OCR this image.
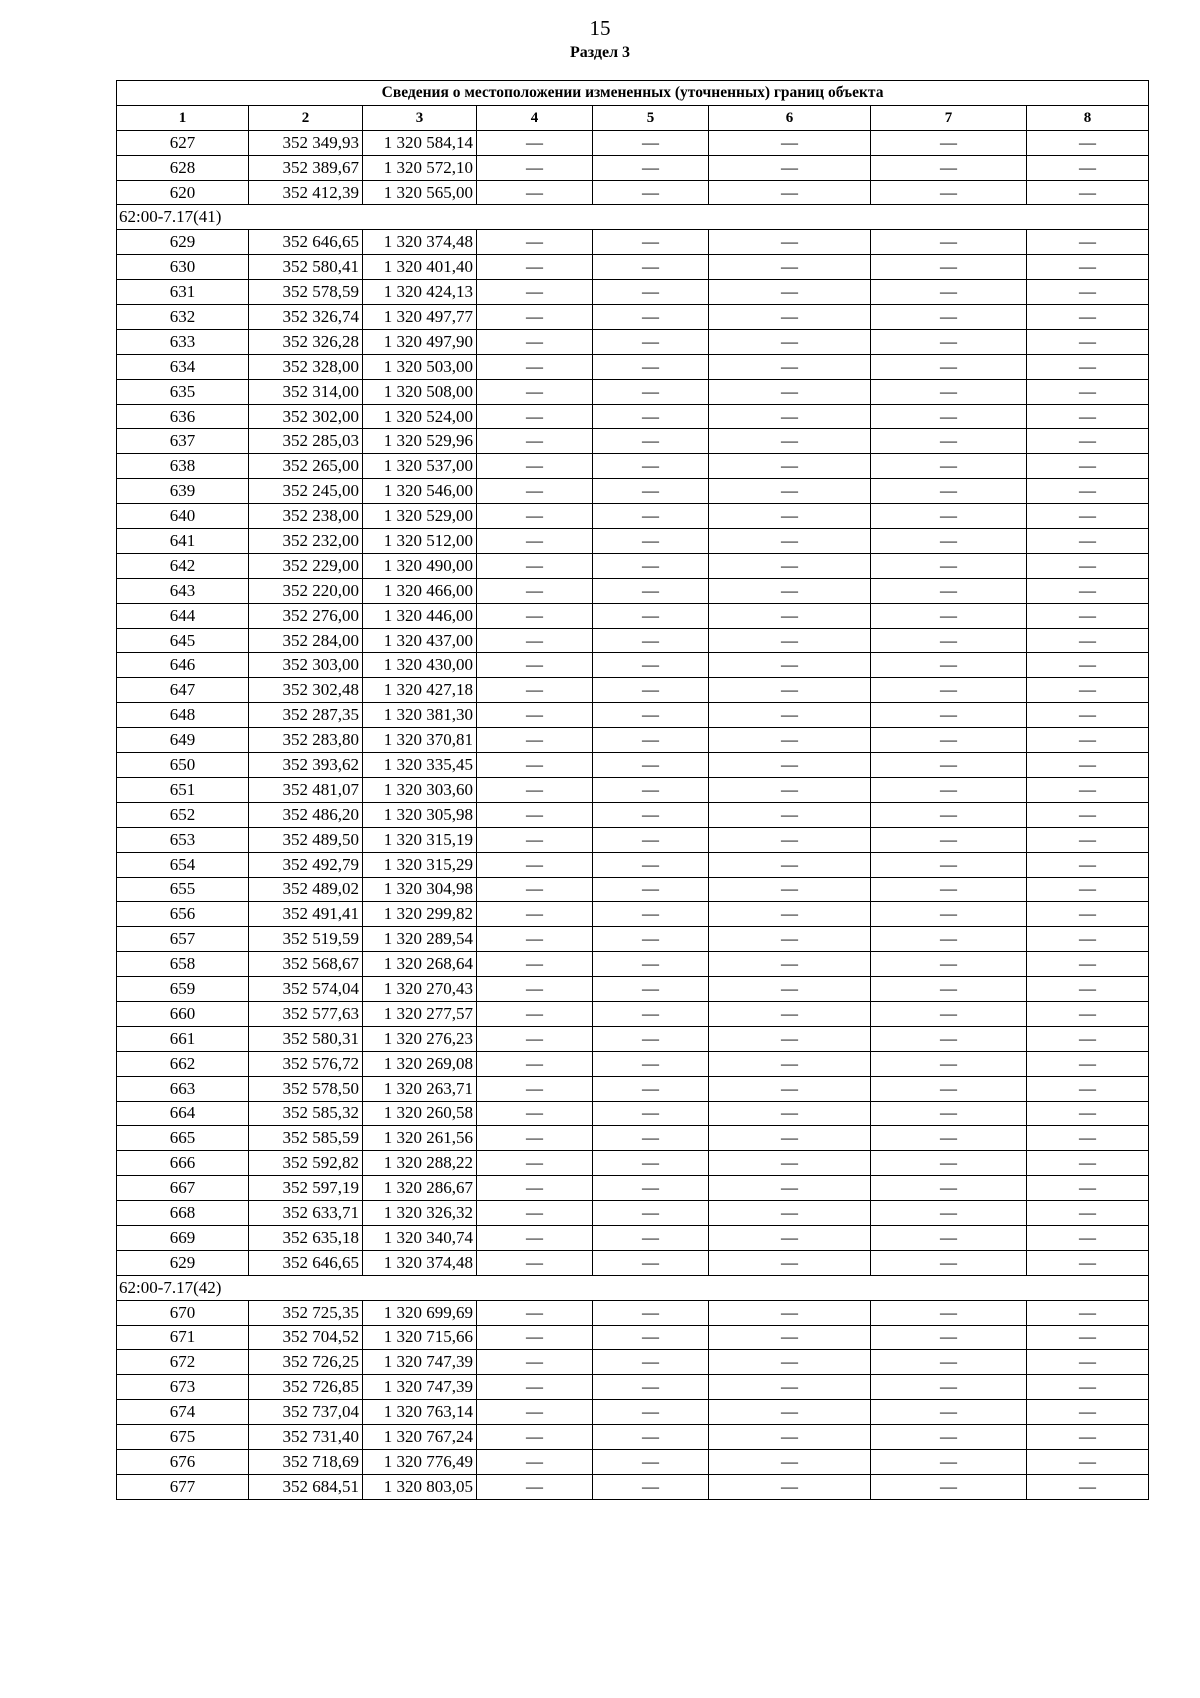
15
Раздел 3
Сведения о местоположении измененных (уточненных) границ объекта							
1	2	3	4	5	6	7	8
627	352 349,93	1 320 584,14	—	—	—	—	—
628	352 389,67	1 320 572,10	—	—	—	—	—
620	352 412,39	1 320 565,00	—	—	—	—	—
62:00-7.17(41)							
629	352 646,65	1 320 374,48	—	—	—	—	—
630	352 580,41	1 320 401,40	—	—	—	—	—
631	352 578,59	1 320 424,13	—	—	—	—	—
632	352 326,74	1 320 497,77	—	—	—	—	—
633	352 326,28	1 320 497,90	—	—	—	—	—
634	352 328,00	1 320 503,00	—	—	—	—	—
635	352 314,00	1 320 508,00	—	—	—	—	—
636	352 302,00	1 320 524,00	—	—	—	—	—
637	352 285,03	1 320 529,96	—	—	—	—	—
638	352 265,00	1 320 537,00	—	—	—	—	—
639	352 245,00	1 320 546,00	—	—	—	—	—
640	352 238,00	1 320 529,00	—	—	—	—	—
641	352 232,00	1 320 512,00	—	—	—	—	—
642	352 229,00	1 320 490,00	—	—	—	—	—
643	352 220,00	1 320 466,00	—	—	—	—	—
644	352 276,00	1 320 446,00	—	—	—	—	—
645	352 284,00	1 320 437,00	—	—	—	—	—
646	352 303,00	1 320 430,00	—	—	—	—	—
647	352 302,48	1 320 427,18	—	—	—	—	—
648	352 287,35	1 320 381,30	—	—	—	—	—
649	352 283,80	1 320 370,81	—	—	—	—	—
650	352 393,62	1 320 335,45	—	—	—	—	—
651	352 481,07	1 320 303,60	—	—	—	—	—
652	352 486,20	1 320 305,98	—	—	—	—	—
653	352 489,50	1 320 315,19	—	—	—	—	—
654	352 492,79	1 320 315,29	—	—	—	—	—
655	352 489,02	1 320 304,98	—	—	—	—	—
656	352 491,41	1 320 299,82	—	—	—	—	—
657	352 519,59	1 320 289,54	—	—	—	—	—
658	352 568,67	1 320 268,64	—	—	—	—	—
659	352 574,04	1 320 270,43	—	—	—	—	—
660	352 577,63	1 320 277,57	—	—	—	—	—
661	352 580,31	1 320 276,23	—	—	—	—	—
662	352 576,72	1 320 269,08	—	—	—	—	—
663	352 578,50	1 320 263,71	—	—	—	—	—
664	352 585,32	1 320 260,58	—	—	—	—	—
665	352 585,59	1 320 261,56	—	—	—	—	—
666	352 592,82	1 320 288,22	—	—	—	—	—
667	352 597,19	1 320 286,67	—	—	—	—	—
668	352 633,71	1 320 326,32	—	—	—	—	—
669	352 635,18	1 320 340,74	—	—	—	—	—
629	352 646,65	1 320 374,48	—	—	—	—	—
62:00-7.17(42)							
670	352 725,35	1 320 699,69	—	—	—	—	—
671	352 704,52	1 320 715,66	—	—	—	—	—
672	352 726,25	1 320 747,39	—	—	—	—	—
673	352 726,85	1 320 747,39	—	—	—	—	—
674	352 737,04	1 320 763,14	—	—	—	—	—
675	352 731,40	1 320 767,24	—	—	—	—	—
676	352 718,69	1 320 776,49	—	—	—	—	—
677	352 684,51	1 320 803,05	—	—	—	—	—
